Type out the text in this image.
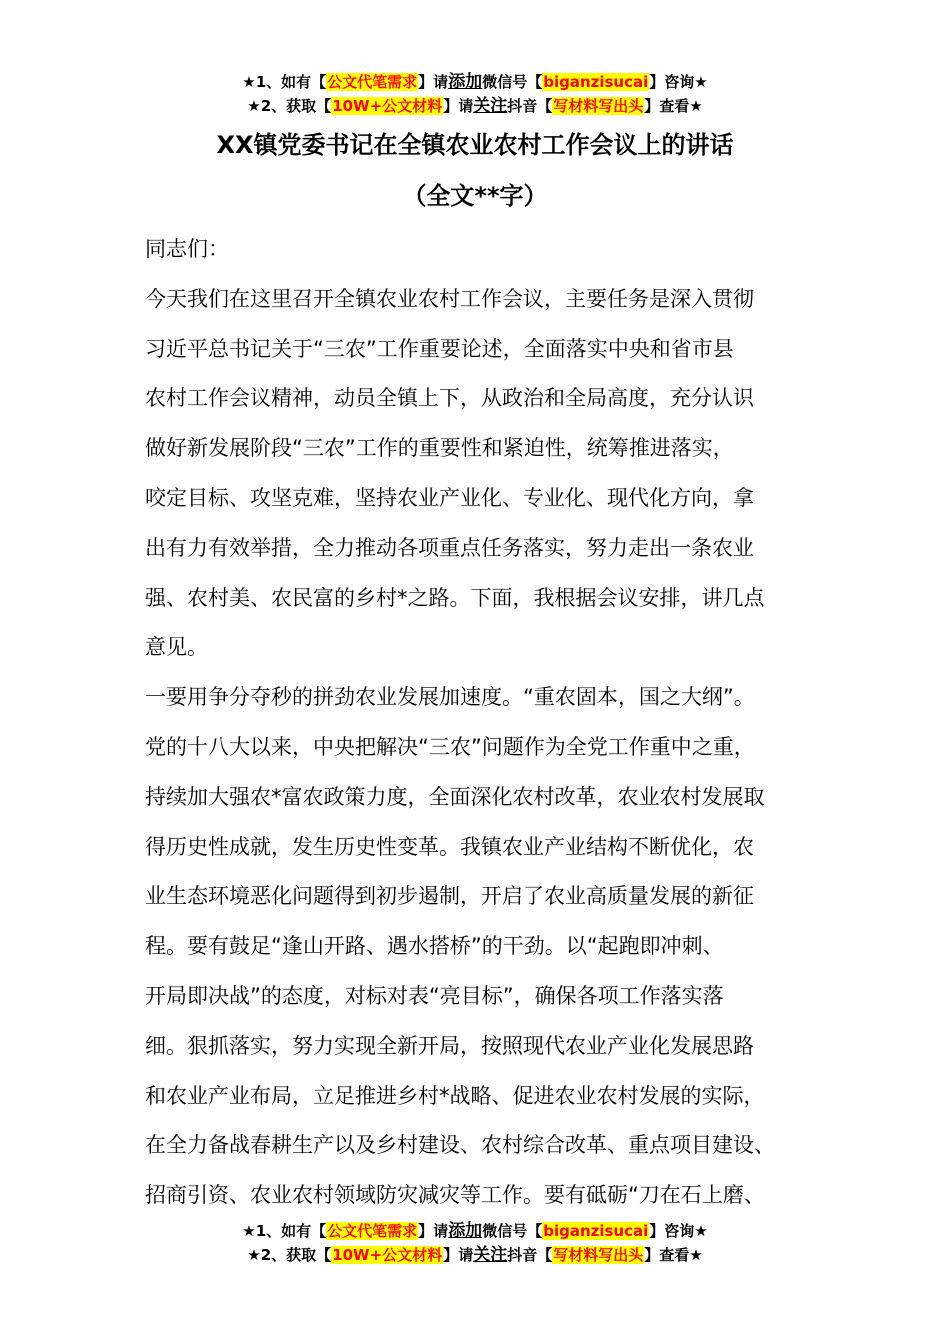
★1、如有【公文代笔需求】请添加微信号【biganzisucai】咨询★
★2、获取【10W+公文材料】请关注抖音【写材料写出头】查看★
XX镇党委书记在全镇农业农村工作会议上的讲话
（全文**字）
同志们：
今天我们在这里召开全镇农业农村工作会议，主要任务是深入贯彻
习近平总书记关于“三农”工作重要论述，全面落实中央和省市县
农村工作会议精神，动员全镇上下，从政治和全局高度，充分认识
做好新发展阶段“三农”工作的重要性和紧迫性，统筹推进落实，
咬定目标、攻坚克难，坚持农业产业化、专业化、现代化方向，拿
出有力有效举措，全力推动各项重点任务落实，努力走出一条农业
强、农村美、农民富的乡村*之路。下面，我根据会议安排，讲几点
意见。
一要用争分夺秒的拼劲农业发展加速度。“重农固本，国之大纲”。
党的十八大以来，中央把解决“三农”问题作为全党工作重中之重，
持续加大强农*富农政策力度，全面深化农村改革，农业农村发展取
得历史性成就，发生历史性变革。我镇农业产业结构不断优化，农
业生态环境恶化问题得到初步遏制，开启了农业高质量发展的新征
程。要有鼓足“逢山开路、遇水搭桥”的干劲。以“起跑即冲刺、
开局即决战”的态度，对标对表“亮目标”，确保各项工作落实落
细。狠抓落实，努力实现全新开局，按照现代农业产业化发展思路
和农业产业布局，立足推进乡村*战略、促进农业农村发展的实际，
在全力备战春耕生产以及乡村建设、农村综合改革、重点项目建设、
招商引资、农业农村领域防灾减灾等工作。要有砥砺“刀在石上磨、
★1、如有【公文代笔需求】请添加微信号【biganzisucai】咨询★
★2、获取【10W+公文材料】请关注抖音【写材料写出头】查看★
